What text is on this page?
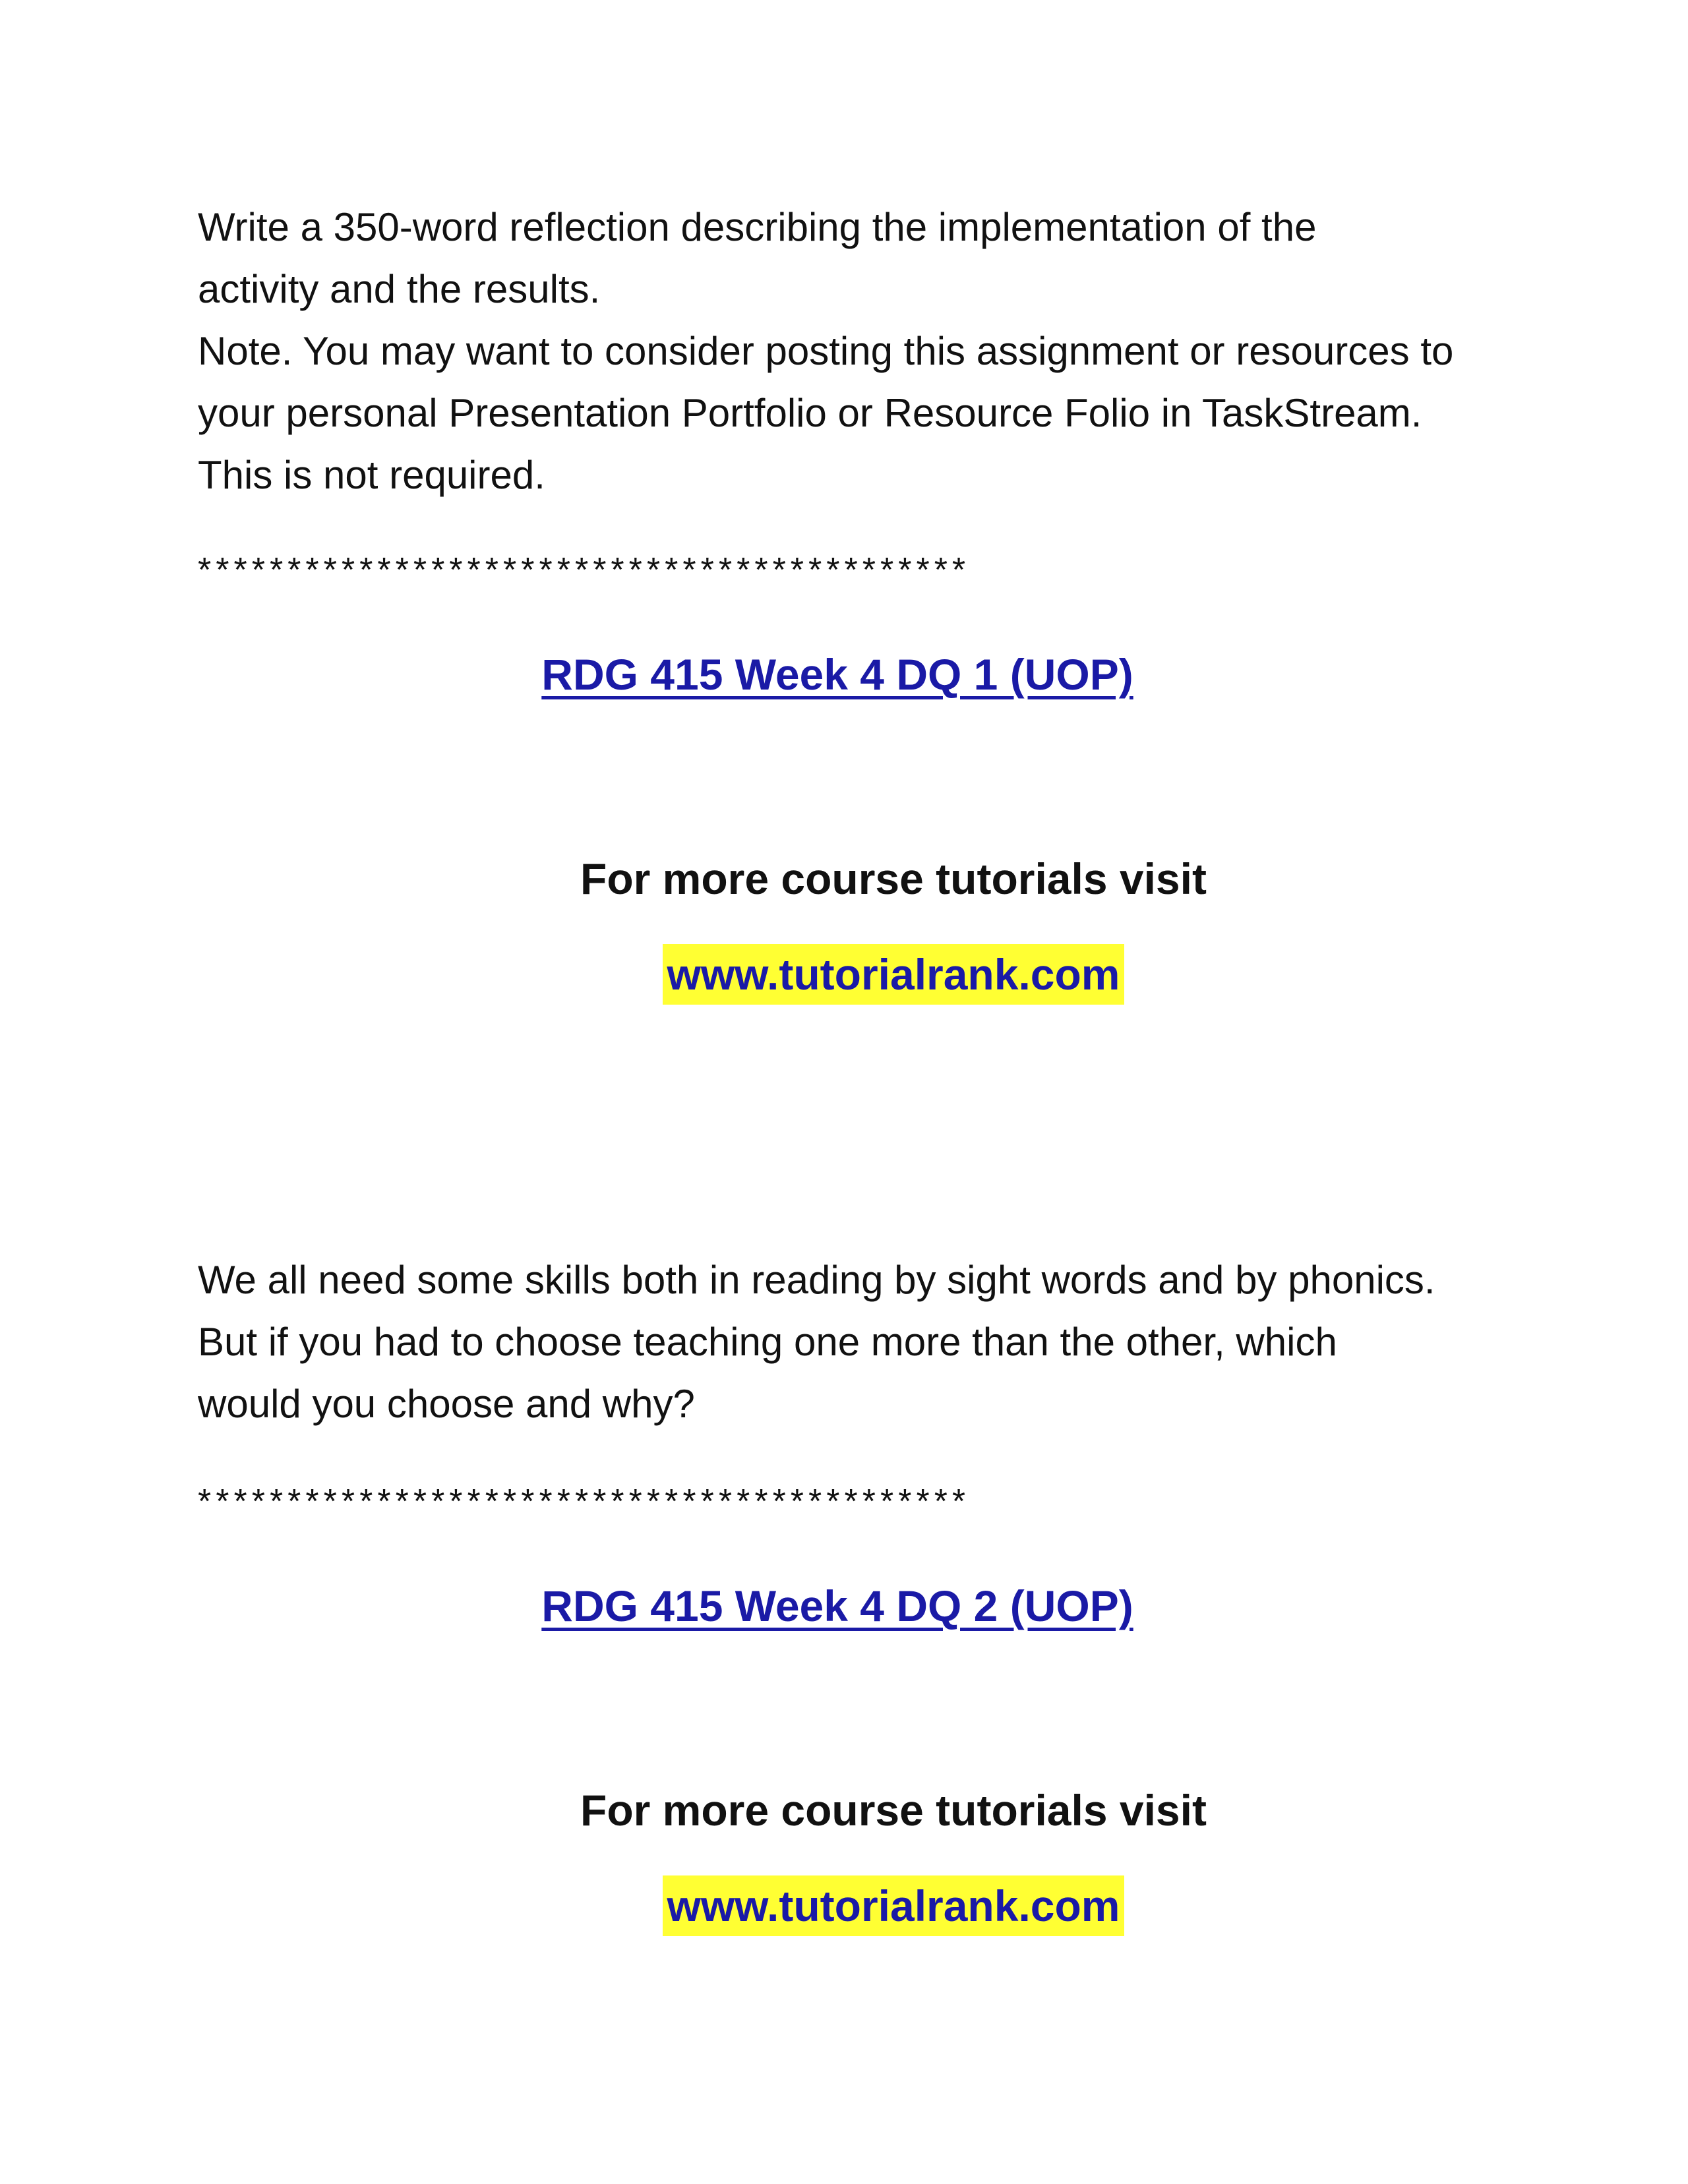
Write a 350-word reflection describing the implementation of the
activity and the results.
Note. You may want to consider posting this assignment or resources to
your personal Presentation Portfolio or Resource Folio in TaskStream.
This is not required.
*******************************************
RDG 415 Week 4 DQ 1 (UOP)
For more course tutorials visit
www.tutorialrank.com
We all need some skills both in reading by sight words and by phonics.
But if you had to choose teaching one more than the other, which
would you choose and why?
*******************************************
RDG 415 Week 4 DQ 2 (UOP)
For more course tutorials visit
www.tutorialrank.com
